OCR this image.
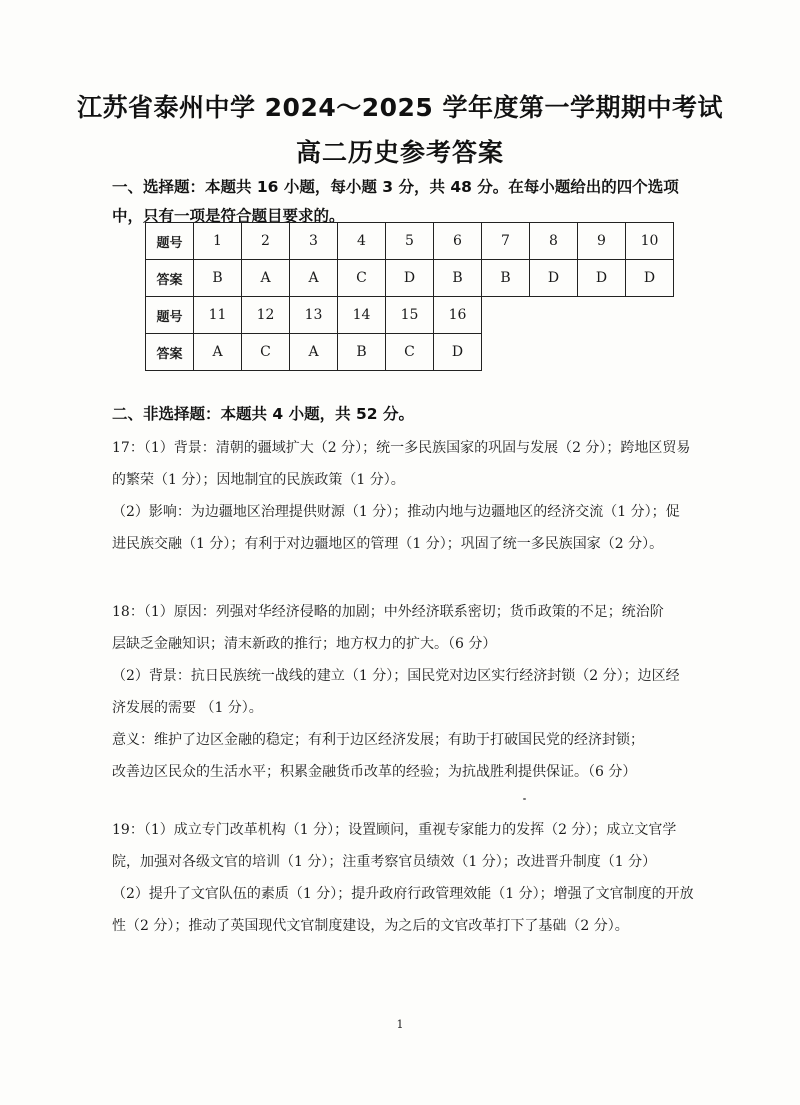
江苏省泰州中学 2024～2025 学年度第一学期期中考试
高二历史参考答案
一、选择题：本题共 16 小题，每小题 3 分，共 48 分。在每小题给出的四个选项
中，只有一项是符合题目要求的。
题号	1	2	3	4	5	6	7	8	9	10
答案	B	A	A	C	D	B	B	D	D	D
题号	11	12	13	14	15	16				
答案	A	C	A	B	C	D				
二、非选择题：本题共 4 小题，共 52 分。
17：（1）背景：清朝的疆域扩大（2 分）；统一多民族国家的巩固与发展（2 分）；跨地区贸易
的繁荣（1 分）；因地制宜的民族政策（1 分）。
（2）影响：为边疆地区治理提供财源（1 分）；推动内地与边疆地区的经济交流（1 分）；促
进民族交融（1 分）；有利于对边疆地区的管理（1 分）；巩固了统一多民族国家（2 分）。
18：（1）原因：列强对华经济侵略的加剧；中外经济联系密切；货币政策的不足；统治阶
层缺乏金融知识；清末新政的推行；地方权力的扩大。（6 分）
（2）背景：抗日民族统一战线的建立（1 分）；国民党对边区实行经济封锁（2 分）；边区经
济发展的需要 （1 分）。
意义：维护了边区金融的稳定；有利于边区经济发展；有助于打破国民党的经济封锁；
改善边区民众的生活水平；积累金融货币改革的经验；为抗战胜利提供保证。（6 分）
19：（1）成立专门改革机构（1 分）；设置顾问，重视专家能力的发挥（2 分）；成立文官学
院，加强对各级文官的培训（1 分）；注重考察官员绩效（1 分）；改进晋升制度（1 分）
（2）提升了文官队伍的素质（1 分）；提升政府行政管理效能（1 分）；增强了文官制度的开放
性（2 分）；推动了英国现代文官制度建设，为之后的文官改革打下了基础（2 分）。
1
